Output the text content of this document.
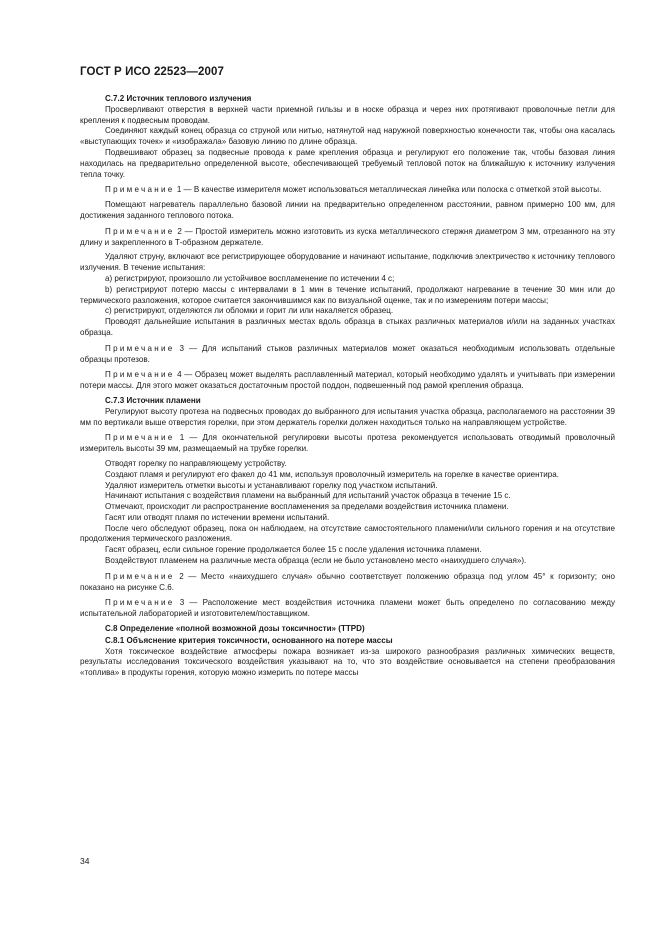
ГОСТ Р ИСО 22523—2007
С.7.2 Источник теплового излучения

Просверливают отверстия в верхней части приемной гильзы и в носке образца и через них протягивают проволочные петли для крепления к подвесным проводам.

Соединяют каждый конец образца со струной или нитью, натянутой над наружной поверхностью конечности так, чтобы она касалась «выступающих точек» и «изображала» базовую линию по длине образца.

Подвешивают образец за подвесные провода к раме крепления образца и регулируют его положение так, чтобы базовая линия находилась на предварительно определенной высоте, обеспечивающей требуемый тепловой поток на ближайшую к источнику излучения тепла точку.

Примечание 1 — В качестве измерителя может использоваться металлическая линейка или полоска с отметкой этой высоты.

Помещают нагреватель параллельно базовой линии на предварительно определенном расстоянии, равном примерно 100 мм, для достижения заданного теплового потока.

Примечание 2 — Простой измеритель можно изготовить из куска металлического стержня диаметром 3 мм, отрезанного на эту длину и закрепленного в Т-образном держателе.

Удаляют струну, включают все регистрирующее оборудование и начинают испытание, подключив электричество к источнику теплового излучения. В течение испытания:

а) регистрируют, произошло ли устойчивое воспламенение по истечении 4 с;

b) регистрируют потерю массы с интервалами в 1 мин в течение испытаний, продолжают нагревание в течение 30 мин или до термического разложения, которое считается закончившимся как по визуальной оценке, так и по измерениям потери массы;

с) регистрируют, отделяются ли обломки и горит ли или накаляется образец.

Проводят дальнейшие испытания в различных местах вдоль образца в стыках различных материалов и/или на заданных участках образца.

Примечание 3 — Для испытаний стыков различных материалов может оказаться необходимым использовать отдельные образцы протезов.

Примечание 4 — Образец может выделять расплавленный материал, который необходимо удалять и учитывать при измерении потери массы. Для этого может оказаться достаточным простой поддон, подвешенный под рамой крепления образца.

С.7.3 Источник пламени

Регулируют высоту протеза на подвесных проводах до выбранного для испытания участка образца, располагаемого на расстоянии 39 мм по вертикали выше отверстия горелки, при этом держатель горелки должен находиться только на направляющем устройстве.

Примечание 1 — Для окончательной регулировки высоты протеза рекомендуется использовать отводимый проволочный измеритель высоты 39 мм, размещаемый на трубке горелки.

Отводят горелку по направляющему устройству.

Создают пламя и регулируют его факел до 41 мм, используя проволочный измеритель на горелке в качестве ориентира.

Удаляют измеритель отметки высоты и устанавливают горелку под участком испытаний.

Начинают испытания с воздействия пламени на выбранный для испытаний участок образца в течение 15 с.

Отмечают, происходит ли распространение воспламенения за пределами воздействия источника пламени.

Гасят или отводят пламя по истечении времени испытаний.

После чего обследуют образец, пока он наблюдаем, на отсутствие самостоятельного пламени/или сильного горения и на отсутствие продолжения термического разложения.

Гасят образец, если сильное горение продолжается более 15 с после удаления источника пламени.

Воздействуют пламенем на различные места образца (если не было установлено место «наихудшего случая»).

Примечание 2 — Место «наихудшего случая» обычно соответствует положению образца под углом 45° к горизонту; оно показано на рисунке С.6.

Примечание 3 — Расположение мест воздействия источника пламени может быть определено по согласованию между испытательной лабораторией и изготовителем/поставщиком.

С.8 Определение «полной возможной дозы токсичности» (TTPD)
С.8.1 Объяснение критерия токсичности, основанного на потере массы

Хотя токсическое воздействие атмосферы пожара возникает из-за широкого разнообразия различных химических веществ, результаты исследования токсического воздействия указывают на то, что это воздействие основывается на степени преобразования «топлива» в продукты горения, которую можно измерить по потере массы

34
